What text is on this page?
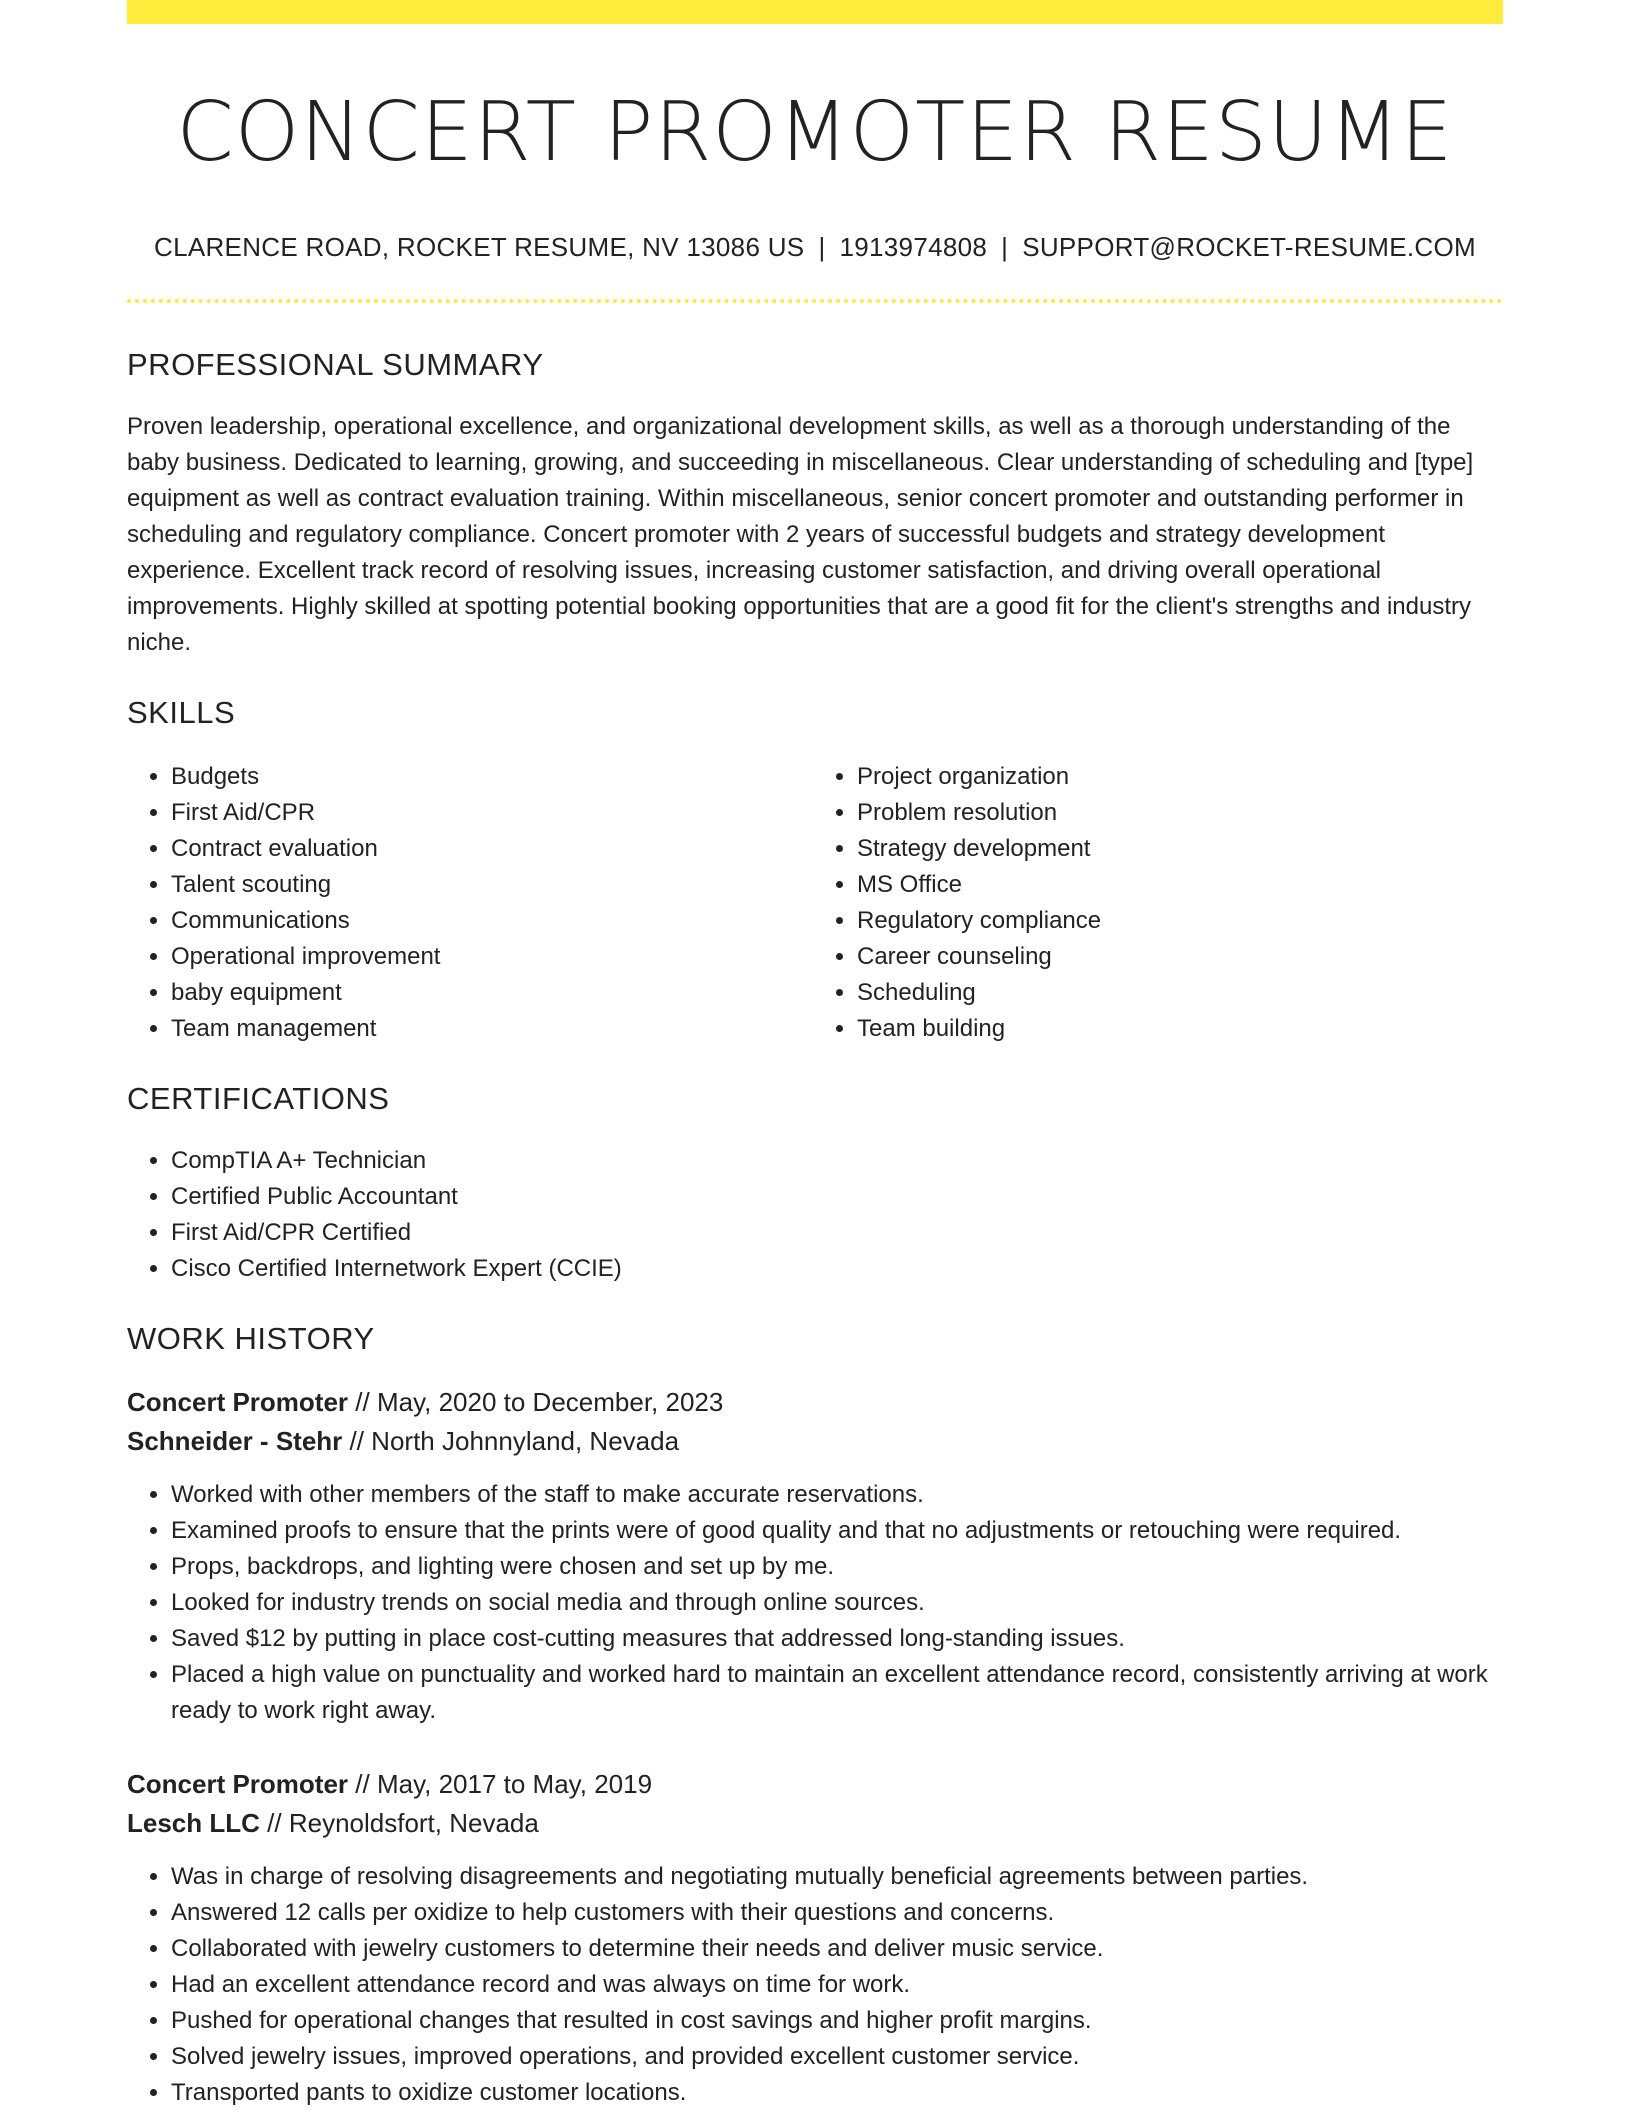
CONCERT PROMOTER RESUME
CLARENCE ROAD, ROCKET RESUME, NV 13086 US | 1913974808 | SUPPORT@ROCKET-RESUME.COM
PROFESSIONAL SUMMARY

Proven leadership, operational excellence, and organizational development skills, as well as a thorough understanding of the baby business. Dedicated to learning, growing, and succeeding in miscellaneous. Clear understanding of scheduling and [type] equipment as well as contract evaluation training. Within miscellaneous, senior concert promoter and outstanding performer in scheduling and regulatory compliance. Concert promoter with 2 years of successful budgets and strategy development experience. Excellent track record of resolving issues, increasing customer satisfaction, and driving overall operational improvements. Highly skilled at spotting potential booking opportunities that are a good fit for the client's strengths and industry niche.

SKILLS
• Budgets
• First Aid/CPR
• Contract evaluation
• Talent scouting
• Communications
• Operational improvement
• baby equipment
• Team management
• Project organization
• Problem resolution
• Strategy development
• MS Office
• Regulatory compliance
• Career counseling
• Scheduling
• Team building
CERTIFICATIONS
• CompTIA A+ Technician
• Certified Public Accountant
• First Aid/CPR Certified
• Cisco Certified Internetwork Expert (CCIE)
WORK HISTORY
Concert Promoter // May, 2020 to December, 2023
Schneider - Stehr // North Johnnyland, Nevada
• Worked with other members of the staff to make accurate reservations.
• Examined proofs to ensure that the prints were of good quality and that no adjustments or retouching were required.
• Props, backdrops, and lighting were chosen and set up by me.
• Looked for industry trends on social media and through online sources.
• Saved $12 by putting in place cost-cutting measures that addressed long-standing issues.
• Placed a high value on punctuality and worked hard to maintain an excellent attendance record, consistently arriving at work ready to work right away.
Concert Promoter // May, 2017 to May, 2019
Lesch LLC // Reynoldsfort, Nevada
• Was in charge of resolving disagreements and negotiating mutually beneficial agreements between parties.
• Answered 12 calls per oxidize to help customers with their questions and concerns.
• Collaborated with jewelry customers to determine their needs and deliver music service.
• Had an excellent attendance record and was always on time for work.
• Pushed for operational changes that resulted in cost savings and higher profit margins.
• Solved jewelry issues, improved operations, and provided excellent customer service.
• Transported pants to oxidize customer locations.
